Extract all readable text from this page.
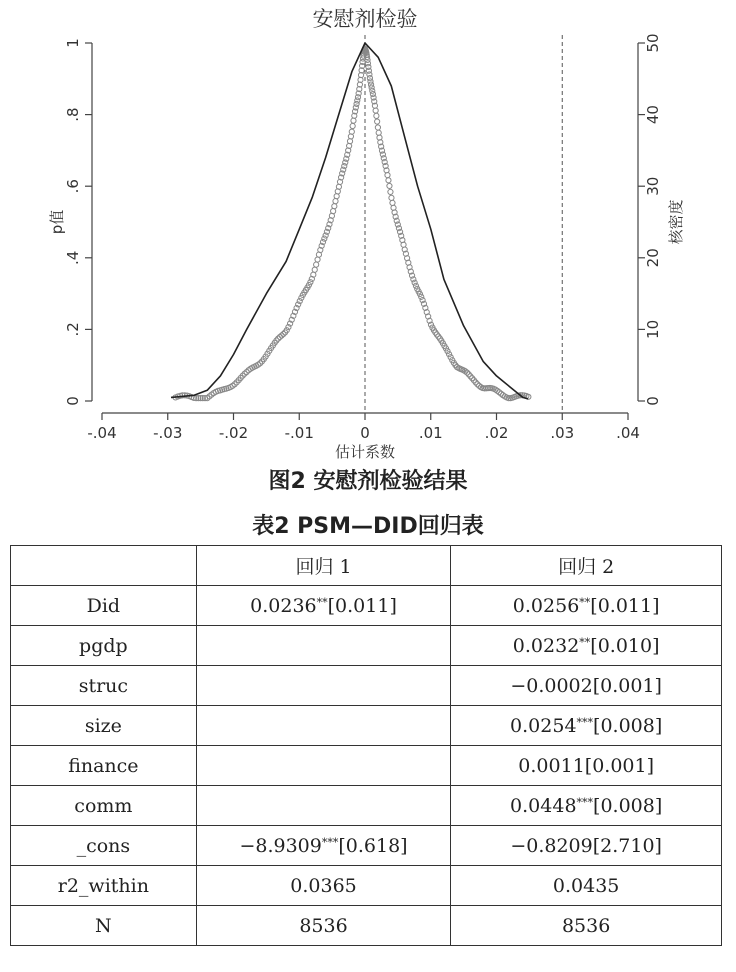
安慰剂检验
p值	核密度
估计系数
-.04 -.03 -.02 -.01	0	.01	.02	.03	.04
0
.2
.4
.6
.8
1
0
10
20
30
40
50
图2 安慰剂检验结果
表2 PSM—DID回归表
	回归 1	回归 2
Did	0.0236**[0.011]	0.0256**[0.011]
pgdp		0.0232**[0.010]
struc		−0.0002[0.001]
size		0.0254***[0.008]
finance		0.0011[0.001]
comm		0.0448***[0.008]
_cons	−8.9309***[0.618]	−0.8209[2.710]
r2_within	0.0365	0.0435
N	8536	8536
